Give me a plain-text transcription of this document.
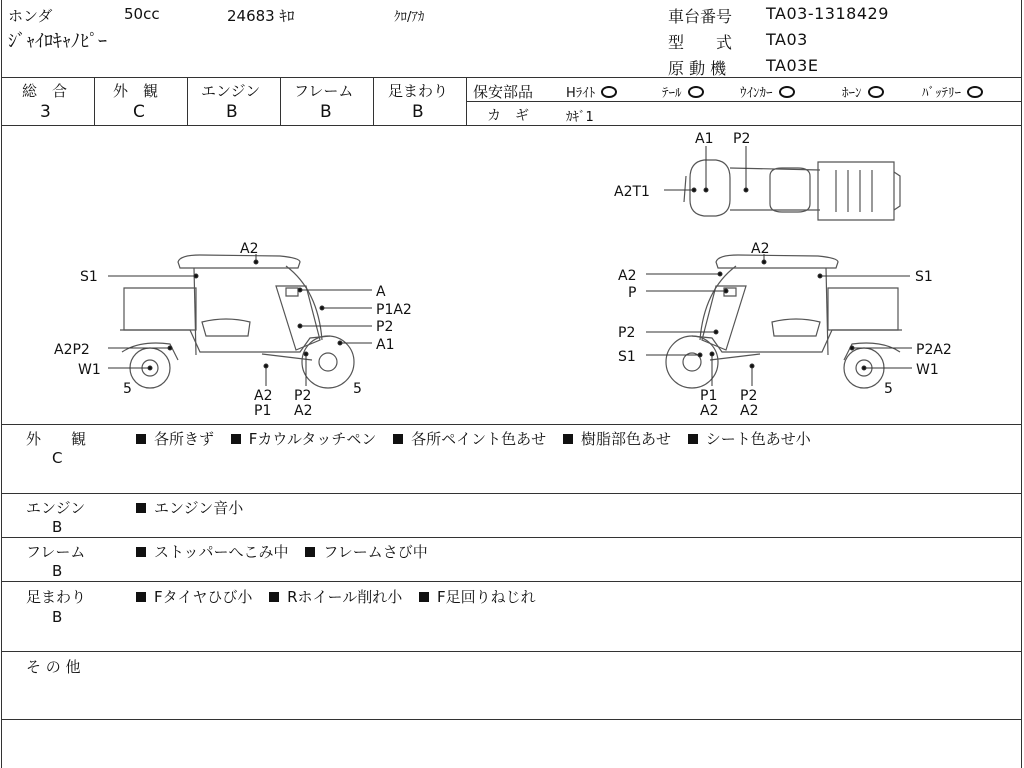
ホンダ	50cc	24683 ｷﾛ	ｸﾛ/ｱｶ
ｼﾞｬｲﾛｷｬﾉﾋﾟｰ
車台番号 TA03-1318429
型　　式 TA03
原 動 機 TA03E
総　合
3
外　観
C
エンジン
B
フレーム
B
足まわり
B
保安部品	Hﾗｲﾄ	ﾃｰﾙ	ｳｲﾝｶｰ	ﾎｰﾝ	ﾊﾞｯﾃﾘｰ
カ　ギ	ｶｷﾞ1
S1
A2
A
P1A2
P2
A1
A2P2
W1
5	5
A2
P1
P2
A2
A1 P2
A2T1
A2
A2
P
S1
P2
S1	P2A2
W1
5
P1
A2
P2
A2
外　　観
C
各所きず Fカウルタッチペン 各所ペイント色あせ 樹脂部色あせ シート色あせ小
エンジン
B
エンジン音小
フレーム
B
ストッパーへこみ中 フレームさび中
足まわり
B
Fタイヤひび小 Rホイール削れ小 F足回りねじれ
そ の 他
